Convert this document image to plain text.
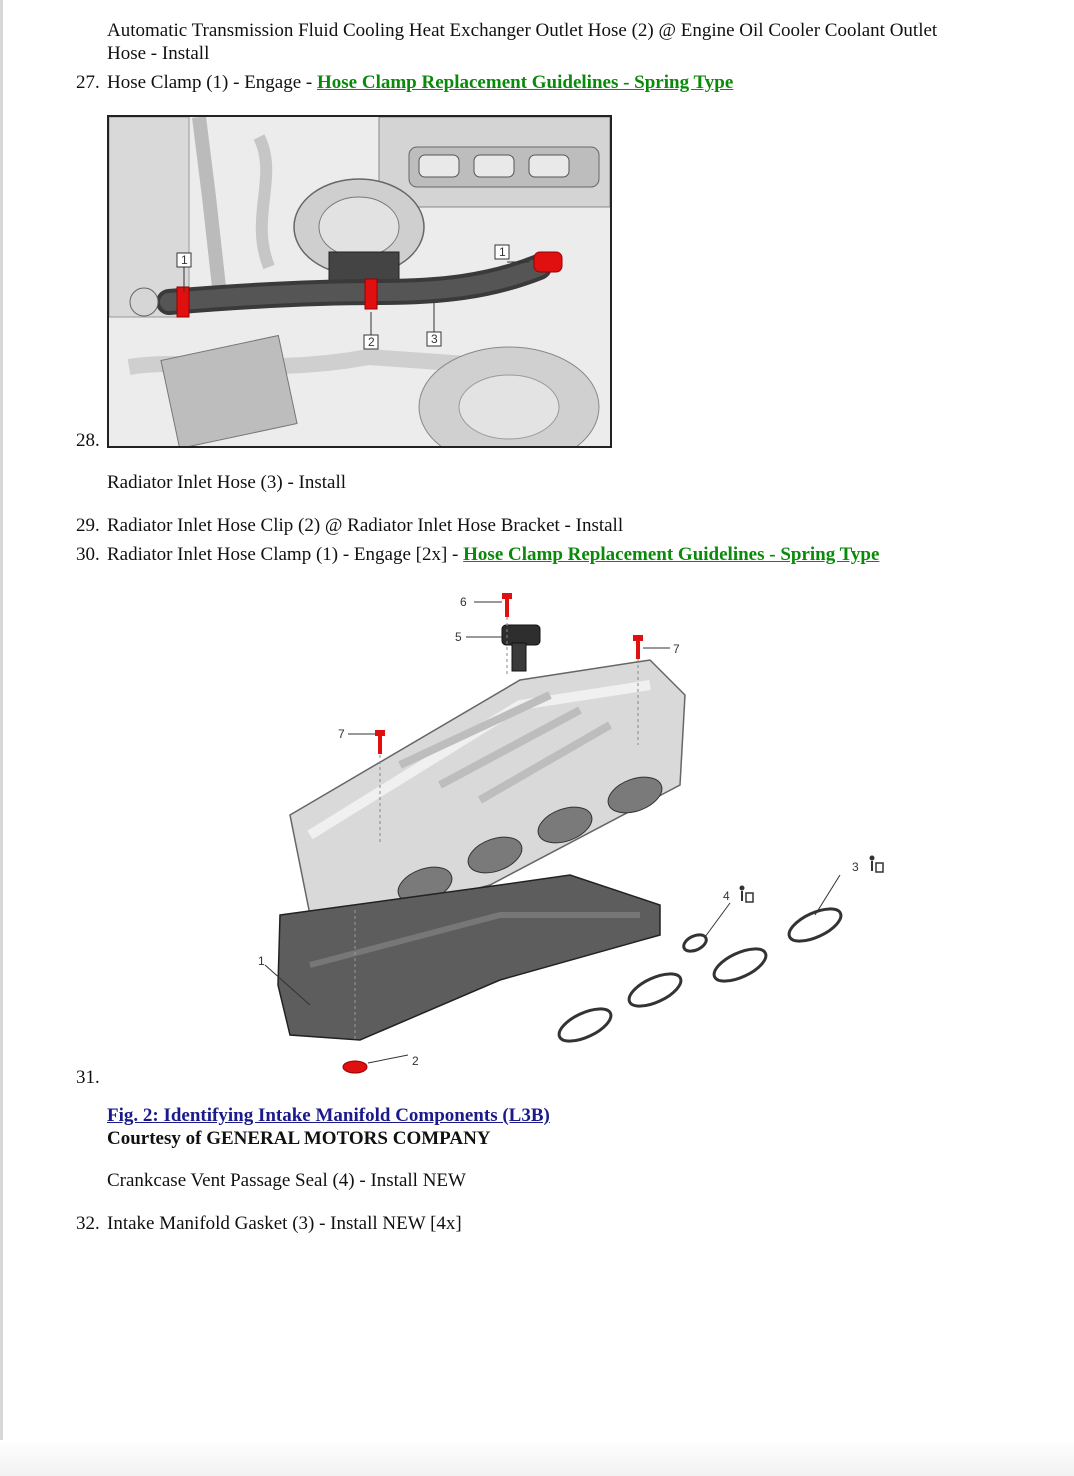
Automatic Transmission Fluid Cooling Heat Exchanger Outlet Hose (2) @ Engine Oil Cooler Coolant Outlet
Hose - Install
27. Hose Clamp (1) - Engage - Hose Clamp Replacement Guidelines - Spring Type
28.
1
1
2	3
Radiator Inlet Hose (3) - Install
29. Radiator Inlet Hose Clip (2) @ Radiator Inlet Hose Bracket - Install
30. Radiator Inlet Hose Clamp (1) - Engage [2x] - Hose Clamp Replacement Guidelines - Spring Type
6
5
7
7
1
2
3
4
31.
Fig. 2: Identifying Intake Manifold Components (L3B)
Courtesy of GENERAL MOTORS COMPANY
Crankcase Vent Passage Seal (4) - Install NEW
32. Intake Manifold Gasket (3) - Install NEW [4x]
